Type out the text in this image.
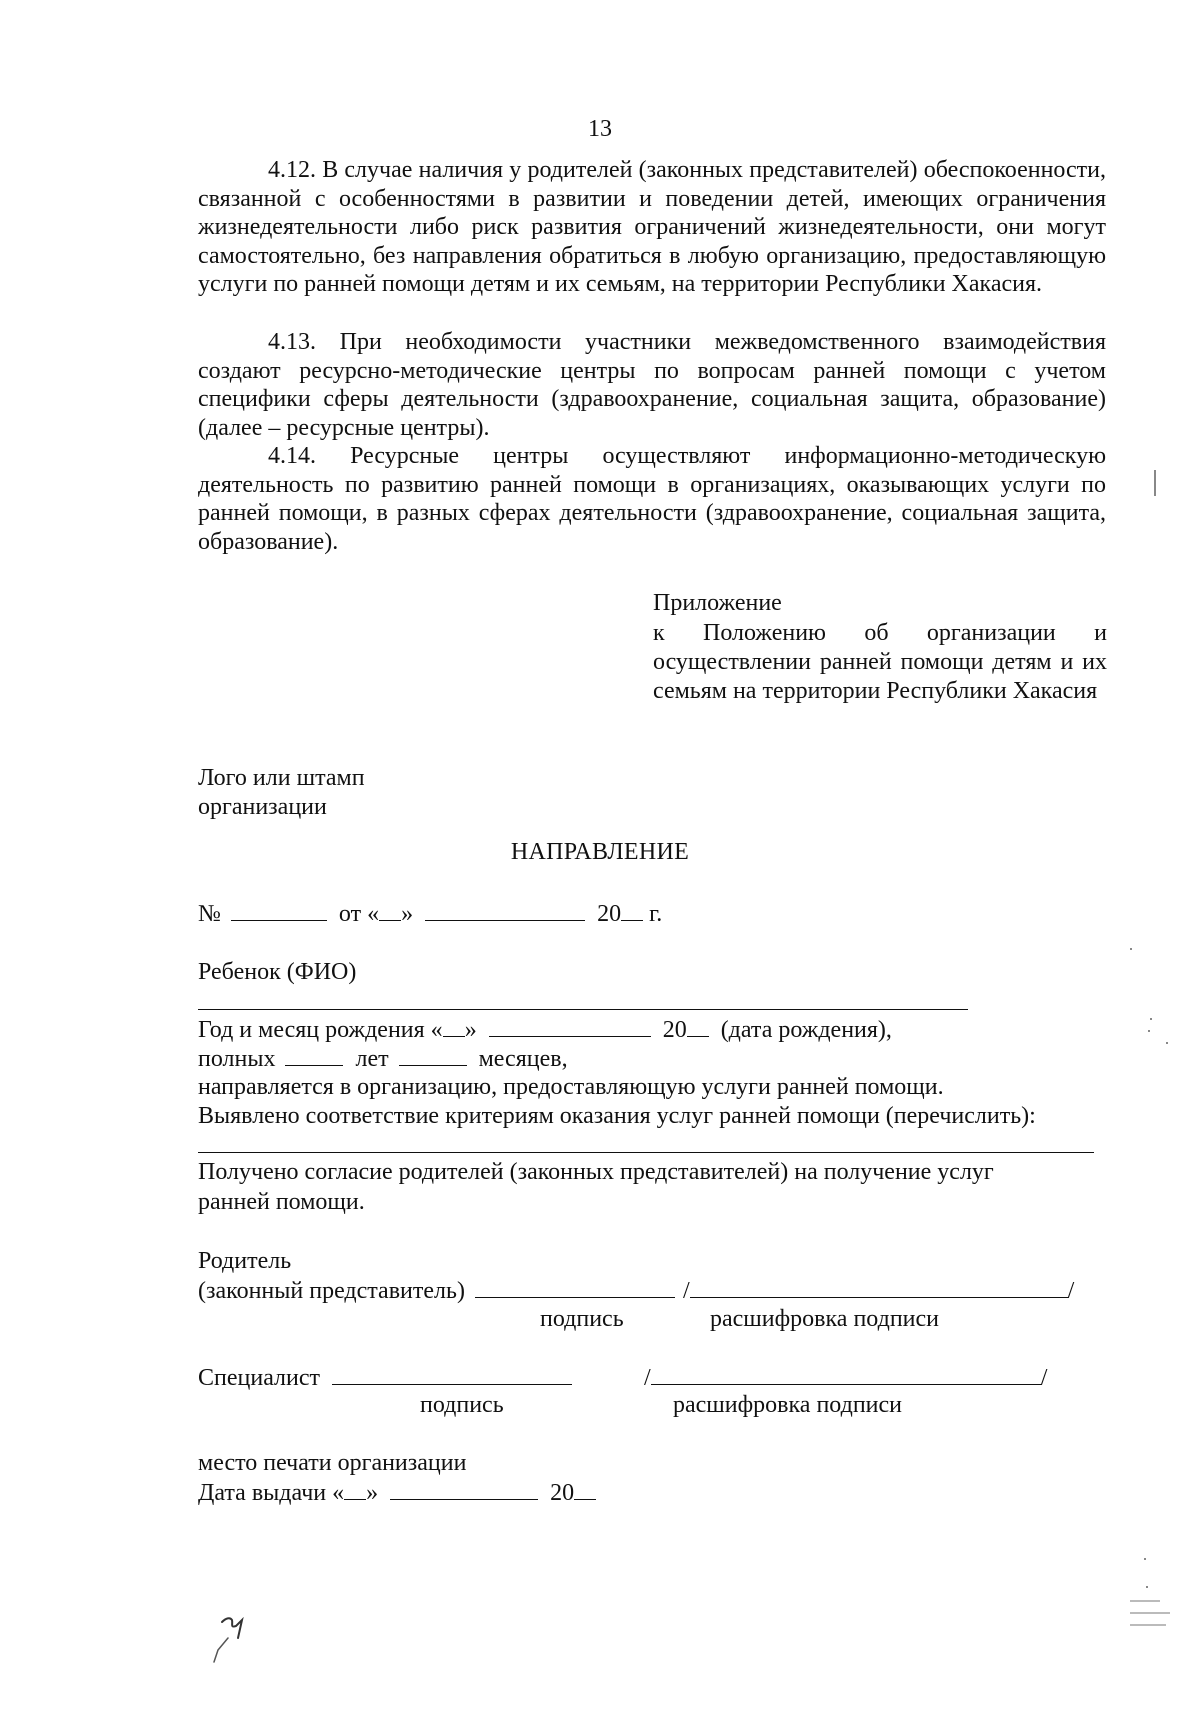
13
4.12. В случае наличия у родителей (законных представителей) обеспокоенности, связанной с особенностями в развитии и поведении детей, имеющих ограничения жизнедеятельности либо риск развития ограничений жизнедеятельности, они могут самостоятельно, без направления обратиться в любую организацию, предоставляющую услуги по ранней помощи детям и их семьям, на территории Республики Хакасия.
4.13. При необходимости участники межведомственного взаимодействия создают ресурсно-методические центры по вопросам ранней помощи с учетом специфики сферы деятельности (здравоохранение, социальная защита, образование) (далее – ресурсные центры).
4.14. Ресурсные центры осуществляют информационно-методическую деятельность по развитию ранней помощи в организациях, оказывающих услуги по ранней помощи, в разных сферах деятельности (здравоохранение, социальная защита, образование).
Приложение
к Положению об организации и осуществлении ранней помощи детям и их семьям на территории Республики Хакасия
Лого или штамп
организации
НАПРАВЛЕНИЕ
№	от « »	20 г.
Ребенок (ФИО)
Год и месяц рождения « »	20 (дата рождения),
полных	лет	месяцев,
направляется в организацию, предоставляющую услуги ранней помощи.
Выявлено соответствие критериям оказания услуг ранней помощи (перечислить):
Получено согласие родителей (законных представителей) на получение услуг
ранней помощи.
Родитель
(законный представитель)	/	/
подпись	расшифровка подписи
Специалист	/	/
подпись	расшифровка подписи
место печати организации
Дата выдачи « »	20
